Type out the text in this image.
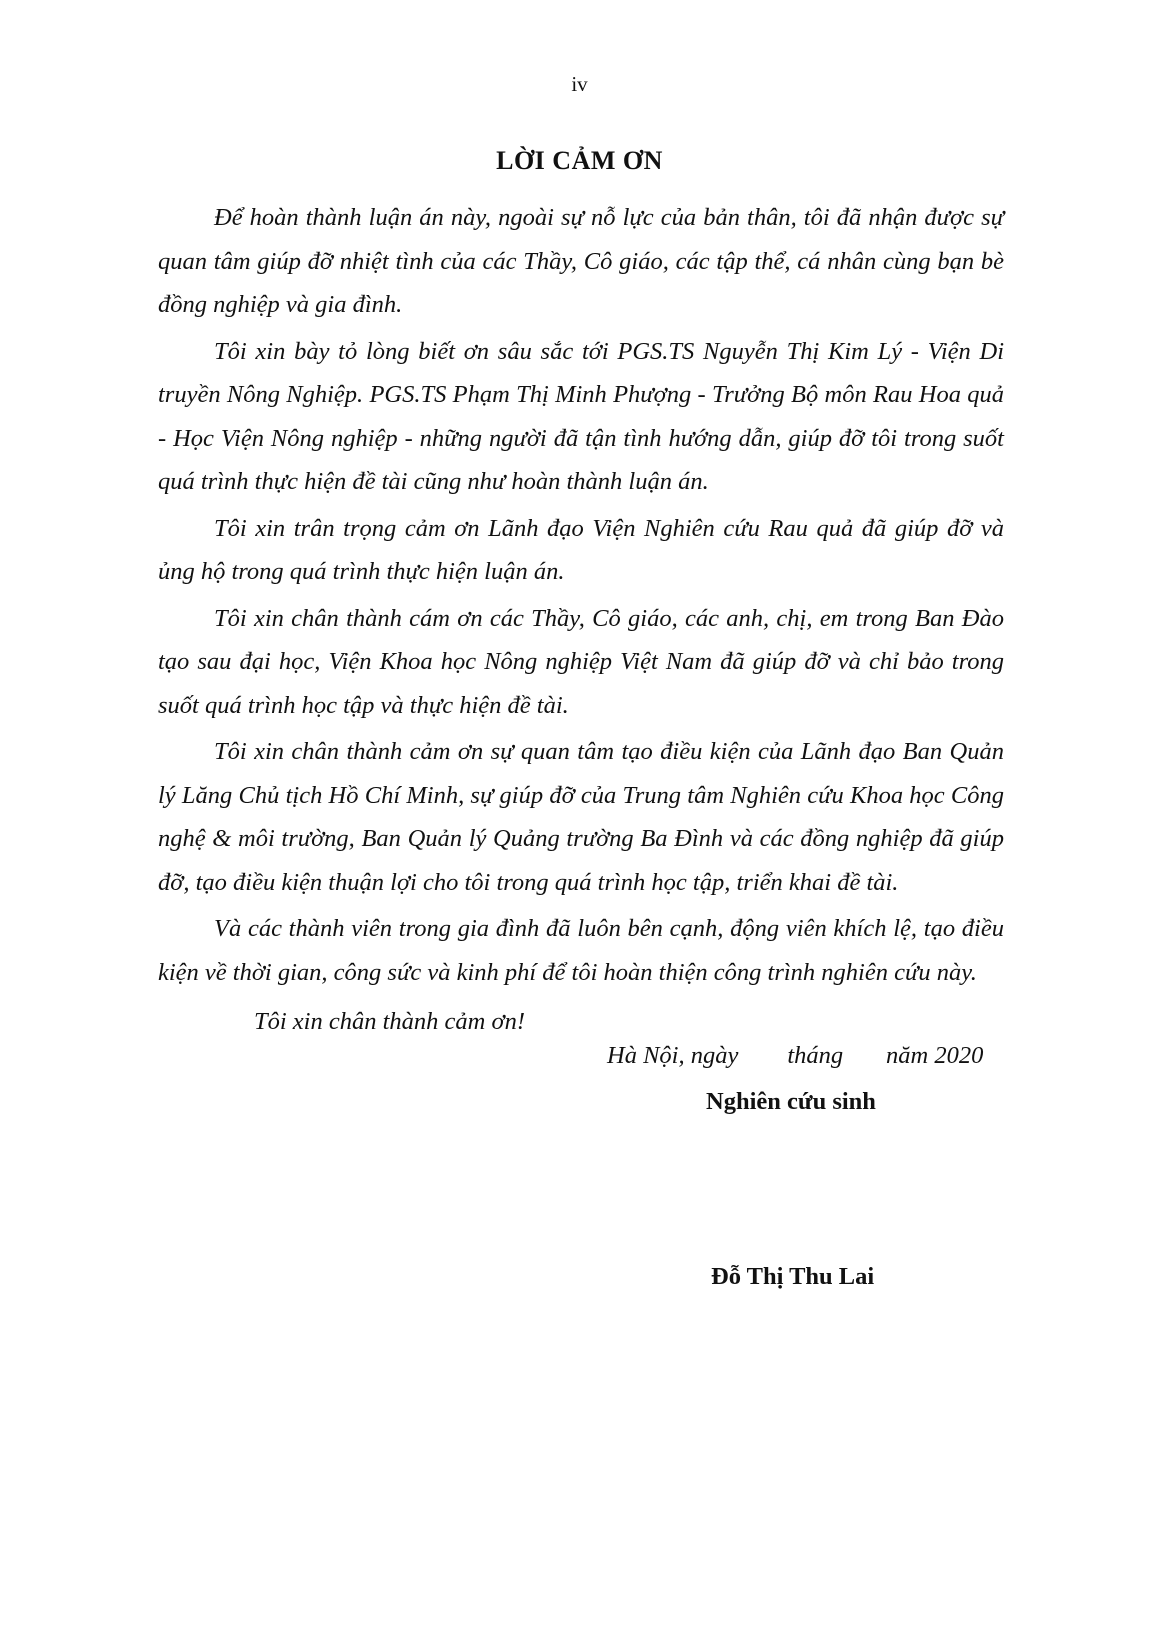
iv
LỜI CẢM ƠN

Để hoàn thành luận án này, ngoài sự nỗ lực của bản thân, tôi đã nhận được sự quan tâm giúp đỡ nhiệt tình của các Thầy, Cô giáo, các tập thể, cá nhân cùng bạn bè đồng nghiệp và gia đình.

Tôi xin bày tỏ lòng biết ơn sâu sắc tới PGS.TS Nguyễn Thị Kim Lý - Viện Di truyền Nông Nghiệp. PGS.TS Phạm Thị Minh Phượng - Trưởng Bộ môn Rau Hoa quả - Học Viện Nông nghiệp - những người đã tận tình hướng dẫn, giúp đỡ tôi trong suốt quá trình thực hiện đề tài cũng như hoàn thành luận án.

Tôi xin trân trọng cảm ơn Lãnh đạo Viện Nghiên cứu Rau quả đã giúp đỡ và ủng hộ trong quá trình thực hiện luận án.

Tôi xin chân thành cám ơn các Thầy, Cô giáo, các anh, chị, em trong Ban Đào tạo sau đại học, Viện Khoa học Nông nghiệp Việt Nam đã giúp đỡ và chỉ bảo trong suốt quá trình học tập và thực hiện đề tài.

Tôi xin chân thành cảm ơn sự quan tâm tạo điều kiện của Lãnh đạo Ban Quản lý Lăng Chủ tịch Hồ Chí Minh, sự giúp đỡ của Trung tâm Nghiên cứu Khoa học Công nghệ & môi trường, Ban Quản lý Quảng trường Ba Đình và các đồng nghiệp đã giúp đỡ, tạo điều kiện thuận lợi cho tôi trong quá trình học tập, triển khai đề tài.

Và các thành viên trong gia đình đã luôn bên cạnh, động viên khích lệ, tạo điều kiện về thời gian, công sức và kinh phí để tôi hoàn thiện công trình nghiên cứu này.

Tôi xin chân thành cảm ơn!

Hà Nội, ngày        tháng       năm 2020
Nghiên cứu sinh
Đỗ Thị Thu Lai
